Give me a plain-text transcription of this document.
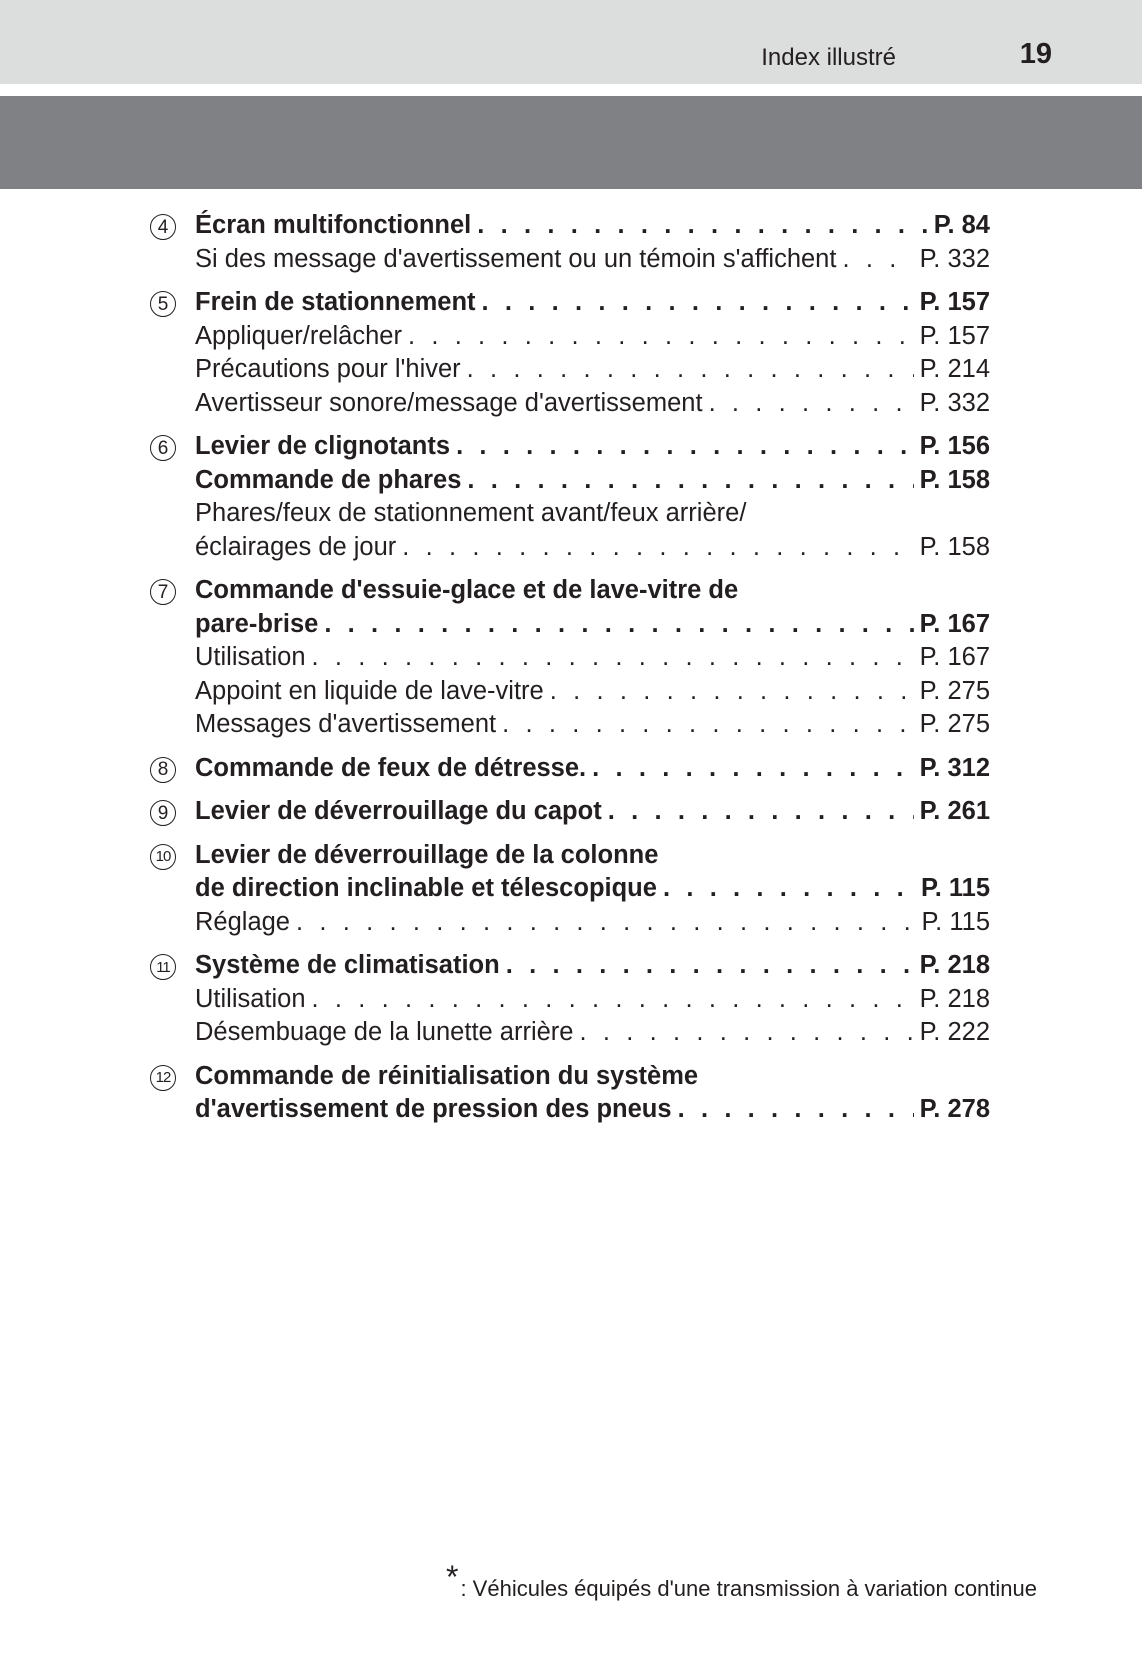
Index illustré	19
4	Écran multifonctionnel . . .	P. 84
Si des message d'avertissement ou un témoin s'affichent . . .	P. 332
5	Frein de stationnement . . .	P. 157
Appliquer/relâcher . . .	P. 157
Précautions pour l'hiver . . .	P. 214
Avertisseur sonore/message d'avertissement . . .	P. 332
6	Levier de clignotants . . .	P. 156
Commande de phares . . .	P. 158
Phares/feux de stationnement avant/feux arrière/
éclairages de jour . . .	P. 158
7	Commande d'essuie-glace et de lave-vitre de
pare-brise . . .	P. 167
Utilisation . . .	P. 167
Appoint en liquide de lave-vitre . . .	P. 275
Messages d'avertissement . . .	P. 275
8	Commande de feux de détresse. . . .	P. 312
9	Levier de déverrouillage du capot . . .	P. 261
10 Levier de déverrouillage de la colonne
de direction inclinable et télescopique . . .	P. 115
Réglage . . .	P. 115
11 Système de climatisation . . .	P. 218
Utilisation . . .	P. 218
Désembuage de la lunette arrière . . .	P. 222
12 Commande de réinitialisation du système
d'avertissement de pression des pneus . . .	P. 278
*: Véhicules équipés d'une transmission à variation continue
